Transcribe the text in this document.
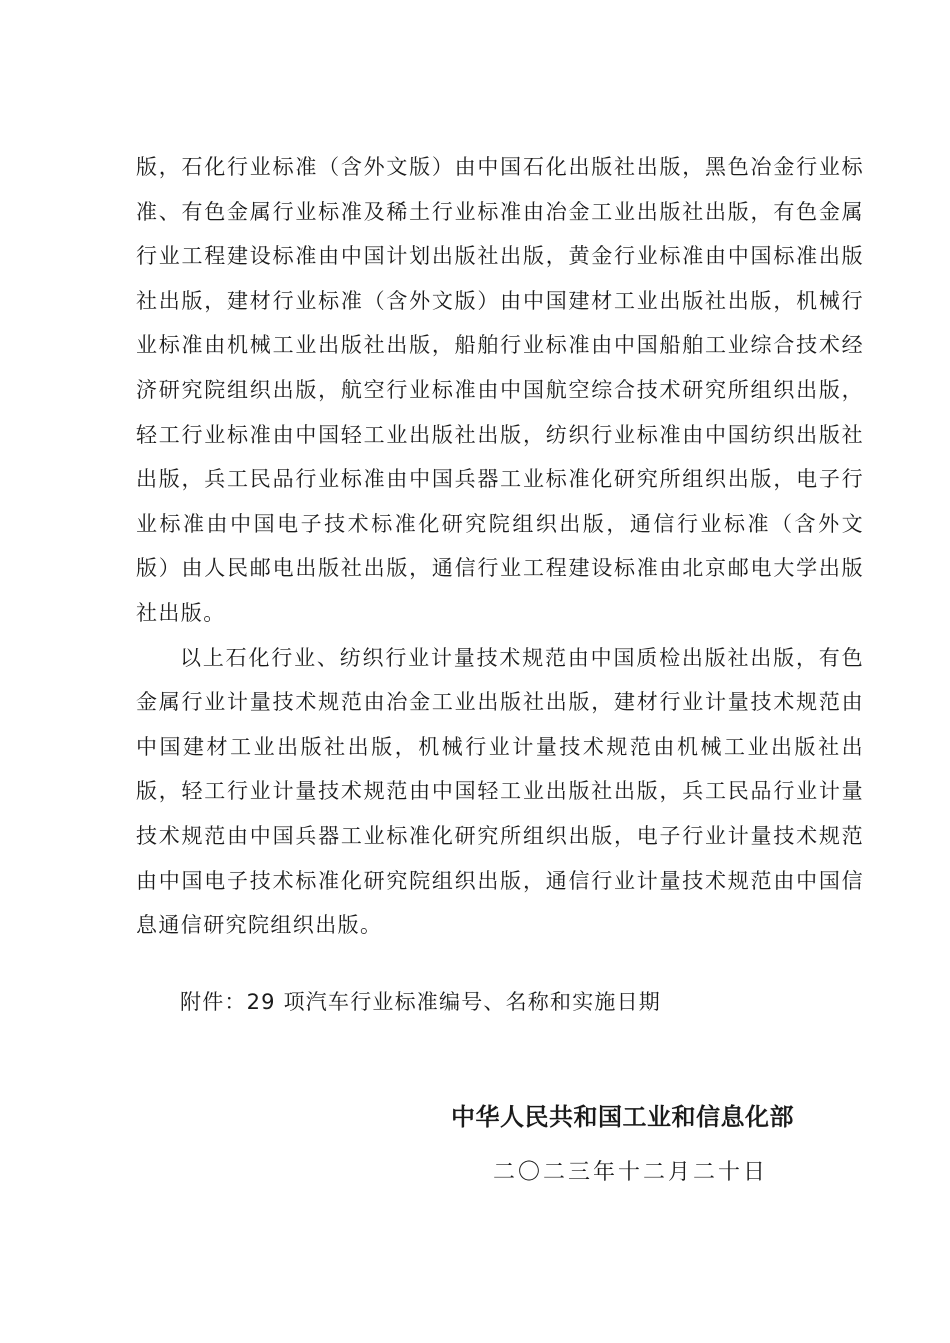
版，石化行业标准（含外文版）由中国石化出版社出版，黑色冶金行业标准、有色金属行业标准及稀土行业标准由冶金工业出版社出版，有色金属行业工程建设标准由中国计划出版社出版，黄金行业标准由中国标准出版社出版，建材行业标准（含外文版）由中国建材工业出版社出版，机械行业标准由机械工业出版社出版，船舶行业标准由中国船舶工业综合技术经济研究院组织出版，航空行业标准由中国航空综合技术研究所组织出版，轻工行业标准由中国轻工业出版社出版，纺织行业标准由中国纺织出版社出版，兵工民品行业标准由中国兵器工业标准化研究所组织出版，电子行业标准由中国电子技术标准化研究院组织出版，通信行业标准（含外文版）由人民邮电出版社出版，通信行业工程建设标准由北京邮电大学出版社出版。

以上石化行业、纺织行业计量技术规范由中国质检出版社出版，有色金属行业计量技术规范由冶金工业出版社出版，建材行业计量技术规范由中国建材工业出版社出版，机械行业计量技术规范由机械工业出版社出版，轻工行业计量技术规范由中国轻工业出版社出版，兵工民品行业计量技术规范由中国兵器工业标准化研究所组织出版，电子行业计量技术规范由中国电子技术标准化研究院组织出版，通信行业计量技术规范由中国信息通信研究院组织出版。

附件：29 项汽车行业标准编号、名称和实施日期
中华人民共和国工业和信息化部
二〇二三年十二月二十日
